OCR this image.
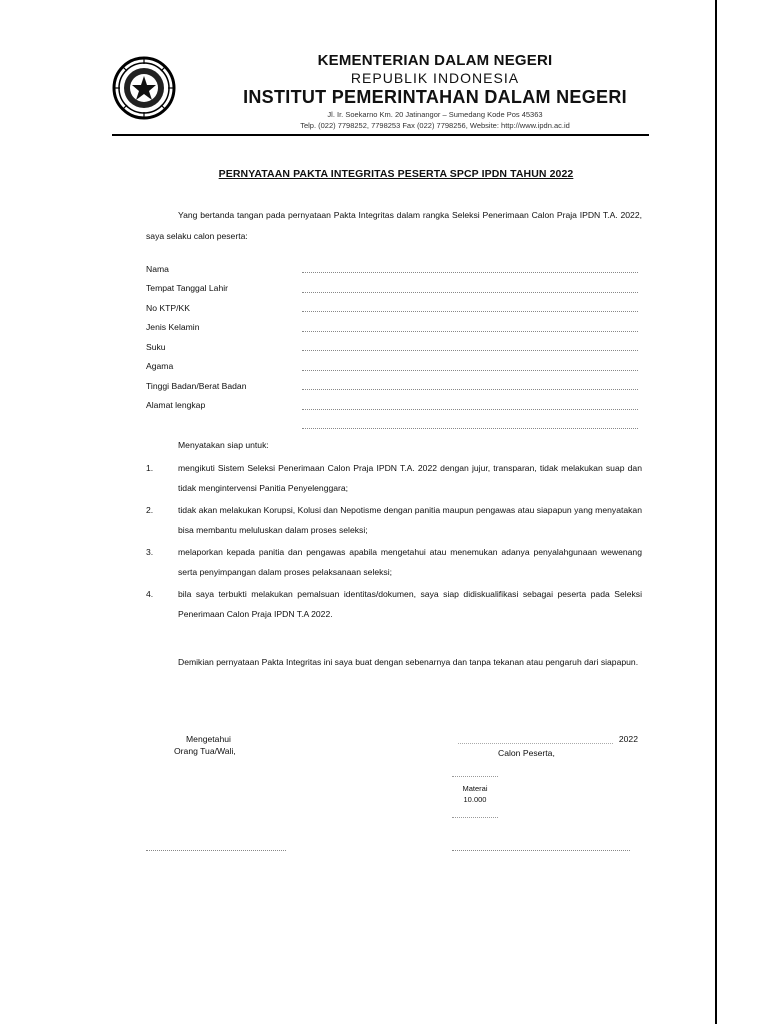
KEMENTERIAN DALAM NEGERI
REPUBLIK INDONESIA
INSTITUT PEMERINTAHAN DALAM NEGERI
Jl. Ir. Soekarno Km. 20 Jatinangor – Sumedang Kode Pos 45363
Telp. (022) 7798252, 7798253 Fax (022) 7798256, Website: http://www.ipdn.ac.id
PERNYATAAN PAKTA INTEGRITAS PESERTA SPCP IPDN TAHUN 2022
Yang bertanda tangan pada pernyataan Pakta Integritas dalam rangka Seleksi Penerimaan Calon Praja IPDN T.A. 2022, saya selaku calon peserta:
Nama
Tempat Tanggal Lahir
No KTP/KK
Jenis Kelamin
Suku
Agama
Tinggi Badan/Berat Badan
Alamat lengkap
Menyatakan siap untuk:
1.	mengikuti Sistem Seleksi Penerimaan Calon Praja IPDN T.A. 2022 dengan jujur, transparan, tidak melakukan suap dan tidak mengintervensi Panitia Penyelenggara;
2.	tidak akan melakukan Korupsi, Kolusi dan Nepotisme dengan panitia maupun pengawas atau siapapun yang menyatakan bisa membantu meluluskan dalam proses seleksi;
3.	melaporkan kepada panitia dan pengawas apabila mengetahui atau menemukan adanya penyalahgunaan wewenang serta penyimpangan dalam proses pelaksanaan seleksi;
4.	bila saya terbukti melakukan pemalsuan identitas/dokumen, saya siap didiskualifikasi sebagai peserta pada Seleksi Penerimaan Calon Praja IPDN T.A 2022.
Demikian pernyataan Pakta Integritas ini saya buat dengan sebenarnya dan tanpa tekanan atau pengaruh dari siapapun.
Mengetahui
Orang Tua/Wali,
2022
Calon Peserta,
Materai
10.000
